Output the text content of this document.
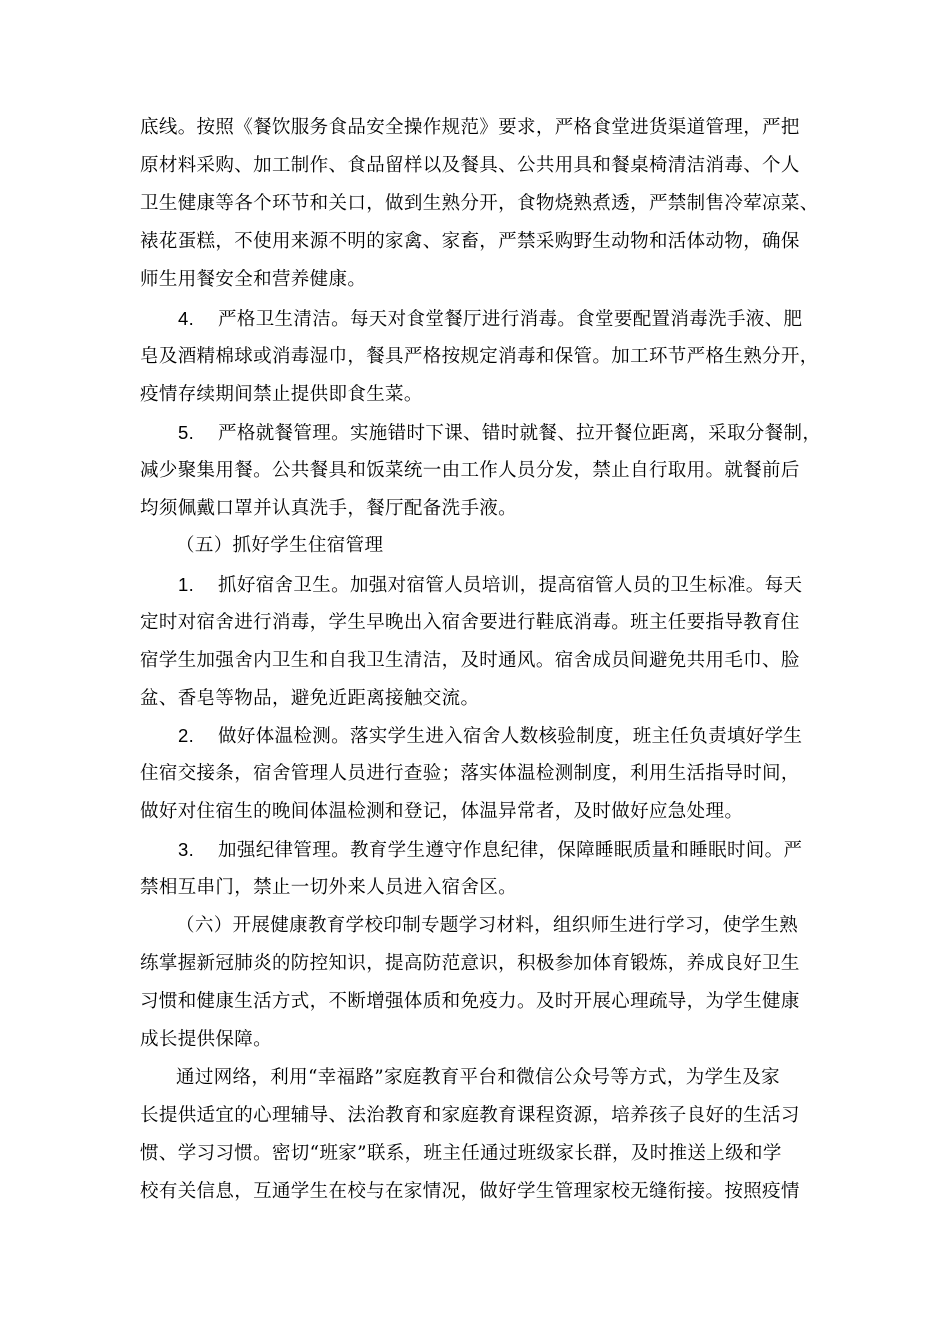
底线。按照《餐饮服务食品安全操作规范》要求，严格食堂进货渠道管理，严把
原材料采购、加工制作、食品留样以及餐具、公共用具和餐桌椅清洁消毒、个人
卫生健康等各个环节和关口，做到生熟分开，食物烧熟煮透，严禁制售冷荤凉菜、
裱花蛋糕，不使用来源不明的家禽、家畜，严禁采购野生动物和活体动物，确保
师生用餐安全和营养健康。
4. 严格卫生清洁。每天对食堂餐厅进行消毒。食堂要配置消毒洗手液、肥
皂及酒精棉球或消毒湿巾，餐具严格按规定消毒和保管。加工环节严格生熟分开，
疫情存续期间禁止提供即食生菜。
5. 严格就餐管理。实施错时下课、错时就餐、拉开餐位距离，采取分餐制，
减少聚集用餐。公共餐具和饭菜统一由工作人员分发，禁止自行取用。就餐前后
均须佩戴口罩并认真洗手，餐厅配备洗手液。
（五）抓好学生住宿管理
1. 抓好宿舍卫生。加强对宿管人员培训，提高宿管人员的卫生标准。每天
定时对宿舍进行消毒，学生早晚出入宿舍要进行鞋底消毒。班主任要指导教育住
宿学生加强舍内卫生和自我卫生清洁，及时通风。宿舍成员间避免共用毛巾、脸
盆、香皂等物品，避免近距离接触交流。
2. 做好体温检测。落实学生进入宿舍人数核验制度，班主任负责填好学生
住宿交接条，宿舍管理人员进行查验；落实体温检测制度，利用生活指导时间，
做好对住宿生的晚间体温检测和登记，体温异常者，及时做好应急处理。
3. 加强纪律管理。教育学生遵守作息纪律，保障睡眠质量和睡眠时间。严
禁相互串门，禁止一切外来人员进入宿舍区。
（六）开展健康教育学校印制专题学习材料，组织师生进行学习，使学生熟
练掌握新冠肺炎的防控知识，提高防范意识，积极参加体育锻炼，养成良好卫生
习惯和健康生活方式，不断增强体质和免疫力。及时开展心理疏导，为学生健康
成长提供保障。
通过网络，利用“幸福路”家庭教育平台和微信公众号等方式，为学生及家
长提供适宜的心理辅导、法治教育和家庭教育课程资源，培养孩子良好的生活习
惯、学习习惯。密切“班家”联系，班主任通过班级家长群，及时推送上级和学
校有关信息，互通学生在校与在家情况，做好学生管理家校无缝衔接。按照疫情
